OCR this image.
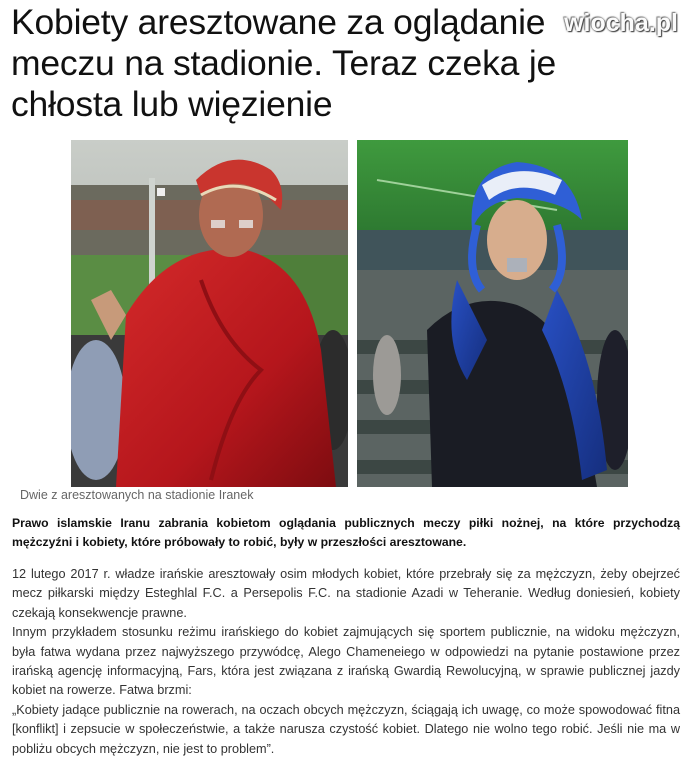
Kobiety aresztowane za oglądanie meczu na stadionie. Teraz czeka je chłosta lub więzienie
wiocha.pl
Dwie z aresztowanych na stadionie Iranek

Prawo islamskie Iranu zabrania kobietom oglądania publicznych meczy piłki nożnej, na które przychodzą mężczyźni i kobiety, które próbowały to robić, były w przeszłości aresztowane.

12 lutego 2017 r. władze irańskie aresztowały osim młodych kobiet, które przebrały się za mężczyzn, żeby obejrzeć mecz piłkarski między Esteghlal F.C. a Persepolis F.C. na stadionie Azadi w Teheranie. Według doniesień, kobiety czekają konsekwencje prawne.

Innym przykładem stosunku reżimu irańskiego do kobiet zajmujących się sportem publicznie, na widoku mężczyzn, była fatwa wydana przez najwyższego przywódcę, Alego Chameneiego w odpowiedzi na pytanie postawione przez irańską agencję informacyjną, Fars, która jest związana z irańską Gwardią Rewolucyjną, w sprawie publicznej jazdy kobiet na rowerze. Fatwa brzmi:

„Kobiety jadące publicznie na rowerach, na oczach obcych mężczyzn, ściągają ich uwagę, co może spowodować fitna [konflikt] i zepsucie w społeczeństwie, a także narusza czystość kobiet. Dlatego nie wolno tego robić. Jeśli nie ma w pobliżu obcych mężczyzn, nie jest to problem”.
